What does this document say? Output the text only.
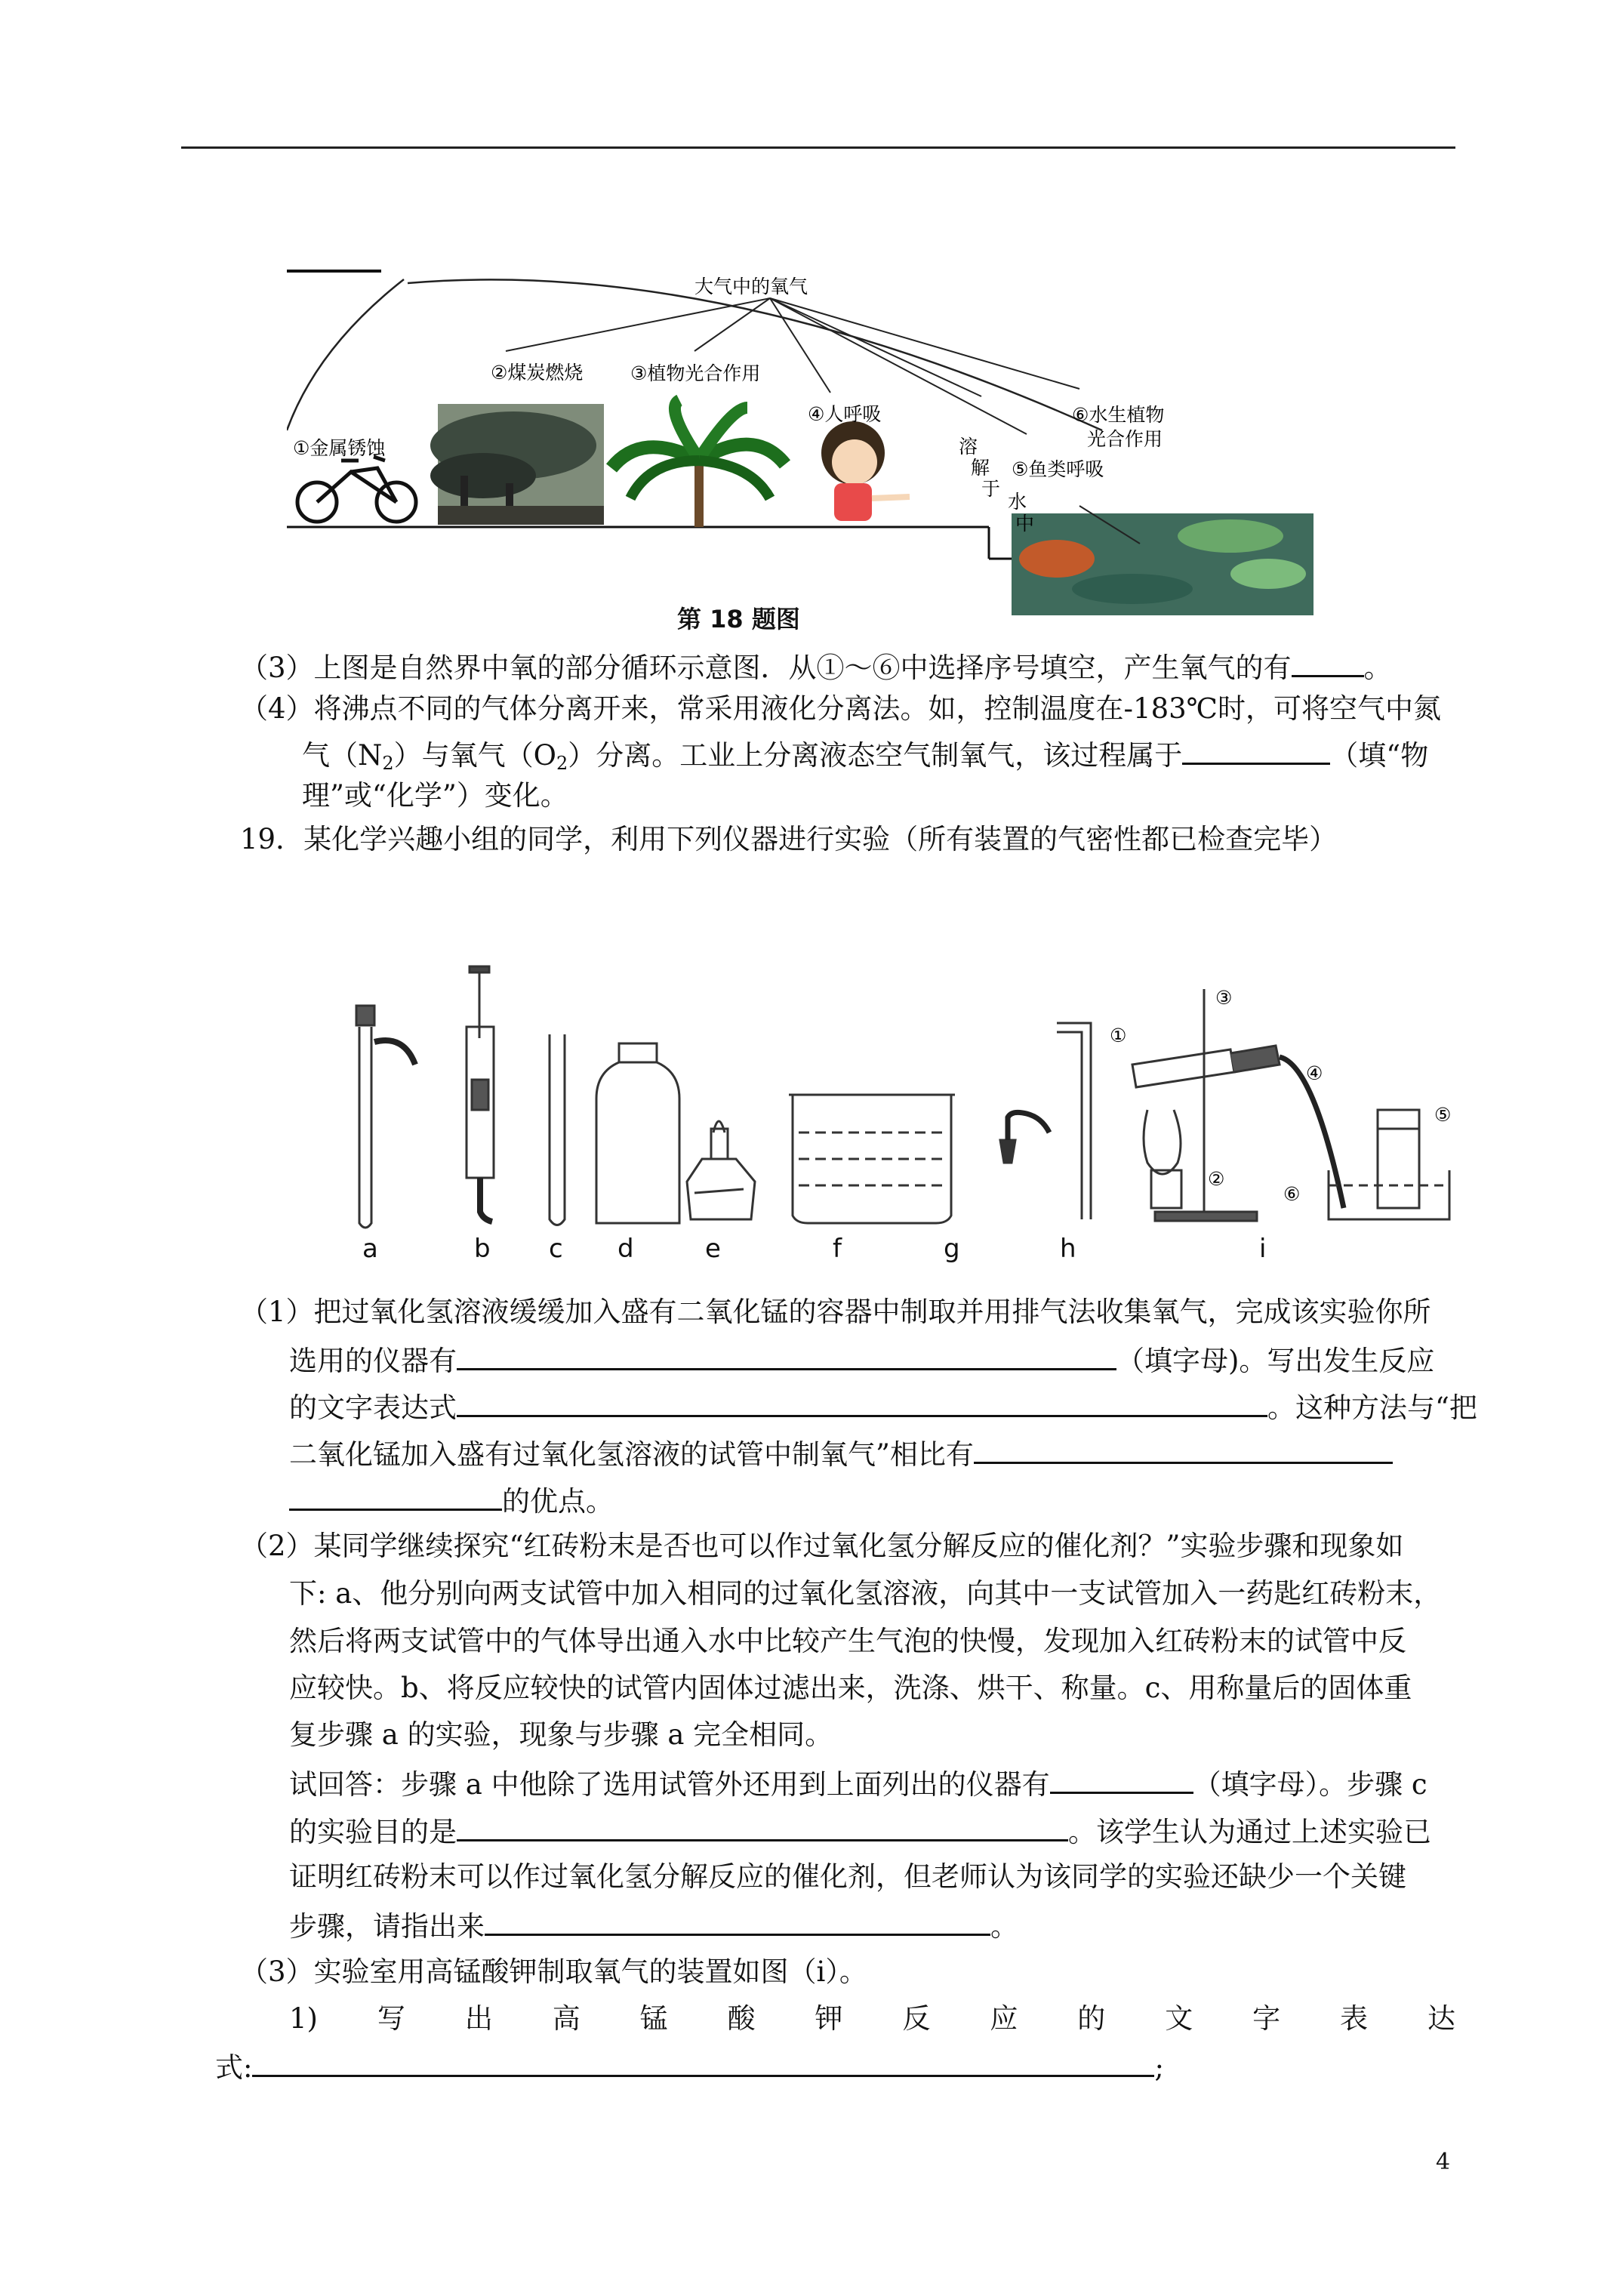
大气中的氧气
①金属锈蚀
②煤炭燃烧	③植物光合作用
④人呼吸
⑤鱼类呼吸
⑥水生植物
光合作用
溶
解
于
水
中
第 18 题图
（3）上图是自然界中氧的部分循环示意图．从①～⑥中选择序号填空，产生氧气的有	。
（4）将沸点不同的气体分离开来，常采用液化分离法。如，控制温度在-183℃时，可将空气中氮
气$(N_2)$与氧气$(O_2)$分离。工业上分离液态空气制氧气，该过程属于	（填“物
理”或“化学”）变化。
19．某化学兴趣小组的同学，利用下列仪器进行实验（所有装置的气密性都已检查完毕）
①
②
③
④
⑤
⑥
a	b c d	e	f	g	h	i
（1）把过氧化氢溶液缓缓加入盛有二氧化锰的容器中制取并用排气法收集氧气，完成该实验你所
选用的仪器有	（填字母)。写出发生反应
的文字表达式	。这种方法与“把
二氧化锰加入盛有过氧化氢溶液的试管中制氧气”相比有
的优点。
（2）某同学继续探究“红砖粉末是否也可以作过氧化氢分解反应的催化剂？”实验步骤和现象如
下: a、他分别向两支试管中加入相同的过氧化氢溶液，向其中一支试管加入一药匙红砖粉末，
然后将两支试管中的气体导出通入水中比较产生气泡的快慢，发现加入红砖粉末的试管中反
应较快。b、将反应较快的试管内固体过滤出来，洗涤、烘干、称量。c、用称量后的固体重
复步骤 a 的实验，现象与步骤 a 完全相同。
试回答：步骤 a 中他除了选用试管外还用到上面列出的仪器有	（填字母）。步骤 c
的实验目的是	。该学生认为通过上述实验已
证明红砖粉末可以作过氧化氢分解反应的催化剂，但老师认为该同学的实验还缺少一个关键
步骤，请指出来	。
（3）实验室用高锰酸钾制取氧气的装置如图（i）。
1) 写 出 高 锰 酸 钾 反 应 的 文 字 表 达
式:	;
4
